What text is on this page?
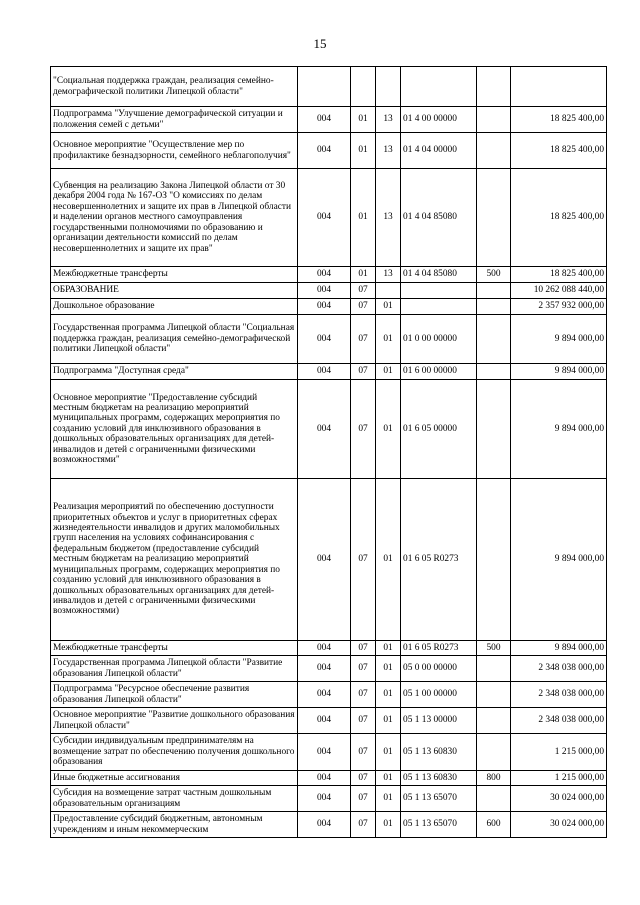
15
"Социальная поддержка граждан, реализация семейно-демографической политики Липецкой области"						
Подпрограмма "Улучшение демографической ситуации и положения семей с детьми"	004	01	13	01 4 00 00000		18 825 400,00
Основное мероприятие "Осуществление мер по профилактике безнадзорности, семейного неблагополучия"	004	01	13	01 4 04 00000		18 825 400,00
Субвенция на реализацию Закона Липецкой области от 30 декабря 2004 года № 167-ОЗ "О комиссиях по делам несовершеннолетних и защите их прав в Липецкой области и наделении органов местного самоуправления государственными полномочиями по образованию и организации деятельности комиссий по делам несовершеннолетних и защите их прав"	004	01	13	01 4 04 85080		18 825 400,00
Межбюджетные трансферты	004	01	13	01 4 04 85080	500	18 825 400,00
ОБРАЗОВАНИЕ	004	07				10 262 088 440,00
Дошкольное образование	004	07	01			2 357 932 000,00
Государственная программа Липецкой области "Социальная поддержка граждан, реализация семейно-демографической политики Липецкой области"	004	07	01	01 0 00 00000		9 894 000,00
Подпрограмма "Доступная среда"	004	07	01	01 6 00 00000		9 894 000,00
Основное мероприятие "Предоставление субсидий местным бюджетам на реализацию мероприятий муниципальных программ, содержащих мероприятия по созданию условий для инклюзивного образования в дошкольных образовательных организациях для детей-инвалидов и детей с ограниченными физическими возможностями"	004	07	01	01 6 05 00000		9 894 000,00
Реализация мероприятий по обеспечению доступности приоритетных объектов и услуг в приоритетных сферах жизнедеятельности инвалидов и других маломобильных групп населения на условиях софинансирования с федеральным бюджетом (предоставление субсидий местным бюджетам на реализацию мероприятий муниципальных программ, содержащих мероприятия по созданию условий для инклюзивного образования в дошкольных образовательных организациях для детей-инвалидов и детей с ограниченными физическими возможностями)	004	07	01	01 6 05 R0273		9 894 000,00
Межбюджетные трансферты	004	07	01	01 6 05 R0273	500	9 894 000,00
Государственная программа Липецкой области "Развитие образования Липецкой области"	004	07	01	05 0 00 00000		2 348 038 000,00
Подпрограмма "Ресурсное обеспечение развития образования Липецкой области"	004	07	01	05 1 00 00000		2 348 038 000,00
Основное мероприятие "Развитие дошкольного образования Липецкой области"	004	07	01	05 1 13 00000		2 348 038 000,00
Субсидии индивидуальным предпринимателям на возмещение затрат по обеспечению получения дошкольного образования	004	07	01	05 1 13 60830		1 215 000,00
Иные бюджетные ассигнования	004	07	01	05 1 13 60830	800	1 215 000,00
Субсидия на возмещение затрат частным дошкольным образовательным организациям	004	07	01	05 1 13 65070		30 024 000,00
Предоставление субсидий бюджетным, автономным учреждениям и иным некоммерческим	004	07	01	05 1 13 65070	600	30 024 000,00
